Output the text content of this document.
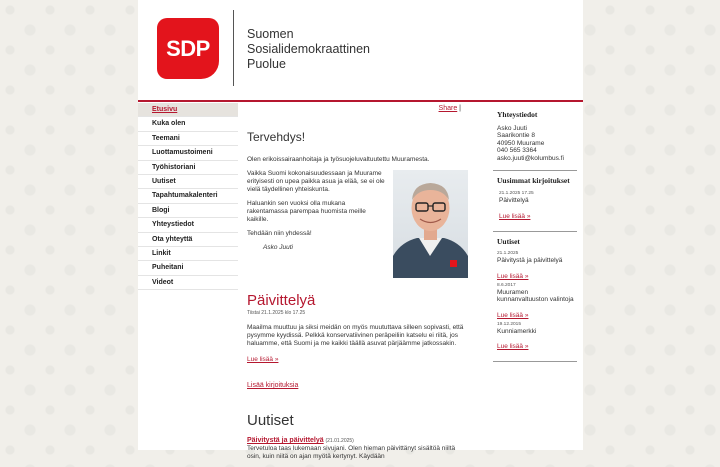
SDP
Suomen
Sosialidemokraattinen
Puolue
Etusivu
Kuka olen
Teemani
Luottamustoimeni
Työhistoriani
Uutiset
Tapahtumakalenteri
Blogi
Yhteystiedot
Ota yhteyttä
Linkit
Puheitani
Videot
Share |
Tervehdys!

Olen erikoissairaanhoitaja ja työsuojeluvaltuutettu Muuramesta.

Vaikka Suomi kokonaisuudessaan ja Muurame erityisesti on upea paikka asua ja elää, se ei ole vielä täydellinen yhteiskunta.

Haluankin sen vuoksi olla mukana rakentamassa parempaa huomista meille kaikille.

Tehdään niin yhdessä!

Asko Juuti
Päivittelyä
Tiistai 21.1.2025 klo 17.25

Maailma muuttuu ja siksi meidän on myös muututtava silleen sopivasti, että pysymme kyydissä. Pelkkä konservatiivinen peräpeiliin katselu ei riitä, jos haluamme, että Suomi ja me kaikki täällä asuvat pärjäämme jatkossakin.

Lue lisää »
Lisää kirjoituksia
Uutiset
Päivitystä ja päivittelyä (21.01.2025)
Tervetuloa taas lukemaan sivujani. Olen hieman päivittänyt sisältöä niiltä osin, kuin niitä on ajan myötä kertynyt. Käydään
Yhteystiedot
Asko Juuti
Saarikontie 8
40950 Muurame
040 565 3364
asko.juuti@kolumbus.fi
Uusimmat kirjoitukset
21.1.2025 17.25
Päivittelyä
Lue lisää »
Uutiset
21.1.2025
Päivitystä ja päivittelyä
Lue lisää »
8.6.2017
Muuramen kunnanvaltuuston valintoja
Lue lisää »
19.12.2015
Kunniamerkki
Lue lisää »
